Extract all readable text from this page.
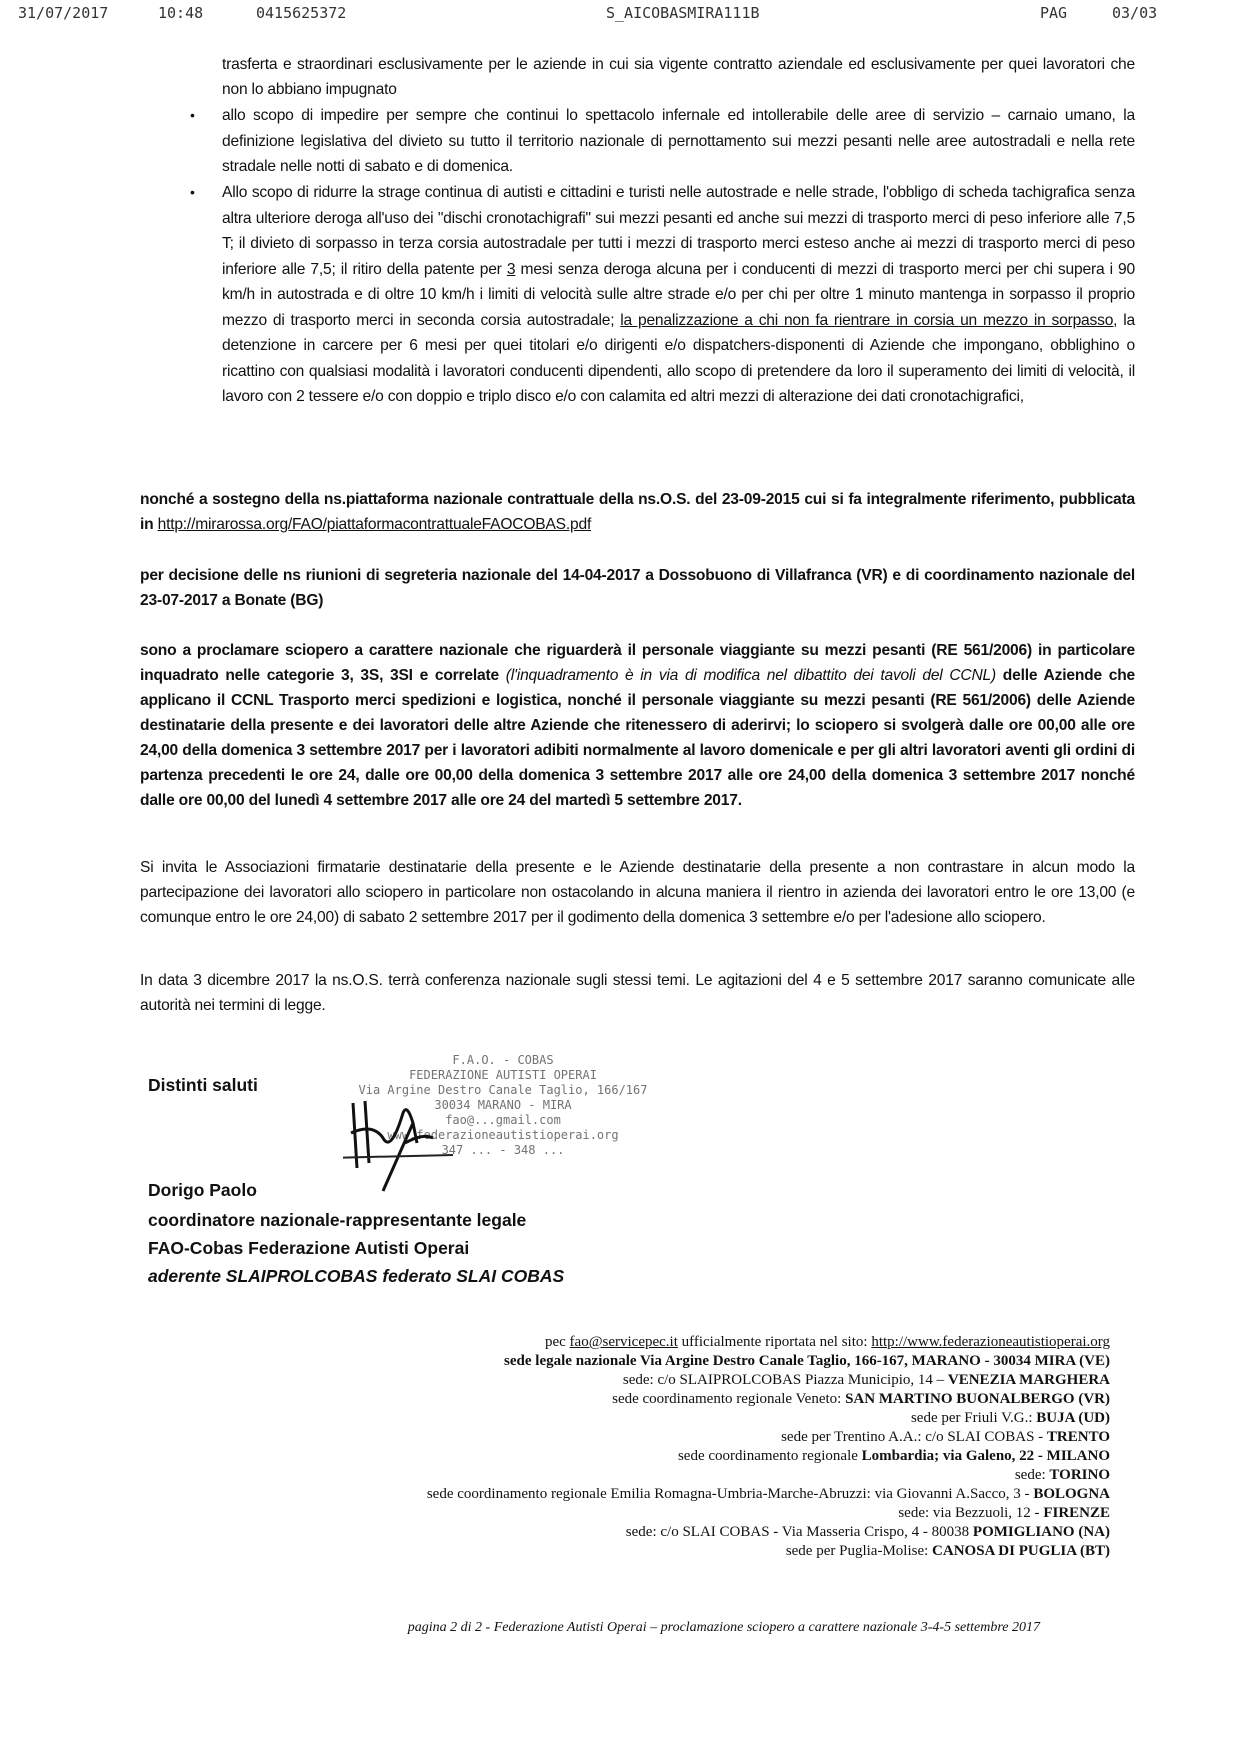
31/07/2017	10:48	0415625372	S_AICOBASMIRA111B	PAG	03/03
trasferta e straordinari esclusivamente per le aziende in cui sia vigente contratto aziendale ed esclusivamente per quei lavoratori che non lo abbiano impugnato
• allo scopo di impedire per sempre che continui lo spettacolo infernale ed intollerabile delle aree di servizio – carnaio umano, la definizione legislativa del divieto su tutto il territorio nazionale di pernottamento sui mezzi pesanti nelle aree autostradali e nella rete stradale nelle notti di sabato e di domenica.
• Allo scopo di ridurre la strage continua di autisti e cittadini e turisti nelle autostrade e nelle strade, l'obbligo di scheda tachigrafica senza altra ulteriore deroga all'uso dei "dischi cronotachigrafi" sui mezzi pesanti ed anche sui mezzi di trasporto merci di peso inferiore alle 7,5 T; il divieto di sorpasso in terza corsia autostradale per tutti i mezzi di trasporto merci esteso anche ai mezzi di trasporto merci di peso inferiore alle 7,5; il ritiro della patente per 3 mesi senza deroga alcuna per i conducenti di mezzi di trasporto merci per chi supera i 90 km/h in autostrada e di oltre 10 km/h i limiti di velocità sulle altre strade e/o per chi per oltre 1 minuto mantenga in sorpasso il proprio mezzo di trasporto merci in seconda corsia autostradale; la penalizzazione a chi non fa rientrare in corsia un mezzo in sorpasso, la detenzione in carcere per 6 mesi per quei titolari e/o dirigenti e/o dispatchers-disponenti di Aziende che impongano, obblighino o ricattino con qualsiasi modalità i lavoratori conducenti dipendenti, allo scopo di pretendere da loro il superamento dei limiti di velocità, il lavoro con 2 tessere e/o con doppio e triplo disco e/o con calamita ed altri mezzi di alterazione dei dati cronotachigrafici,
nonché a sostegno della ns.piattaforma nazionale contrattuale della ns.O.S. del 23-09-2015 cui si fa integralmente riferimento, pubblicata in http://mirarossa.org/FAO/piattaformacontrattualeFAOCOBAS.pdf
per decisione delle ns riunioni di segreteria nazionale del 14-04-2017 a Dossobuono di Villafranca (VR) e di coordinamento nazionale del 23-07-2017 a Bonate (BG)
sono a proclamare sciopero a carattere nazionale che riguarderà il personale viaggiante su mezzi pesanti (RE 561/2006) in particolare inquadrato nelle categorie 3, 3S, 3SI e correlate (l'inquadramento è in via di modifica nel dibattito dei tavoli del CCNL) delle Aziende che applicano il CCNL Trasporto merci spedizioni e logistica, nonché il personale viaggiante su mezzi pesanti (RE 561/2006) delle Aziende destinatarie della presente e dei lavoratori delle altre Aziende che ritenessero di aderirvi; lo sciopero si svolgerà dalle ore 00,00 alle ore 24,00 della domenica 3 settembre 2017 per i lavoratori adibiti normalmente al lavoro domenicale e per gli altri lavoratori aventi gli ordini di partenza precedenti le ore 24, dalle ore 00,00 della domenica 3 settembre 2017 alle ore 24,00 della domenica 3 settembre 2017 nonché dalle ore 00,00 del lunedì 4 settembre 2017 alle ore 24 del martedì 5 settembre 2017.
Si invita le Associazioni firmatarie destinatarie della presente e le Aziende destinatarie della presente a non contrastare in alcun modo la partecipazione dei lavoratori allo sciopero in particolare non ostacolando in alcuna maniera il rientro in azienda dei lavoratori entro le ore 13,00 (e comunque entro le ore 24,00) di sabato 2 settembre 2017 per il godimento della domenica 3 settembre e/o per l'adesione allo sciopero.
In data 3 dicembre 2017 la ns.O.S. terrà conferenza nazionale sugli stessi temi. Le agitazioni del 4 e 5 settembre 2017 saranno comunicate alle autorità nei termini di legge.
F.A.O. - COBAS
FEDERAZIONE AUTISTI OPERAI
Via Argine Destro Canale Taglio, 166/167
30034 MARANO - MIRA
fao@...gmail.com
www.federazioneautistioperai.org
347 ... - 348 ...
Distinti saluti
Dorigo Paolo
coordinatore nazionale-rappresentante legale
FAO-Cobas Federazione Autisti Operai
aderente SLAIPROLCOBAS federato SLAI COBAS
pec fao@servicepec.it ufficialmente riportata nel sito: http://www.federazioneautistioperai.org
sede legale nazionale Via Argine Destro Canale Taglio, 166-167, MARANO - 30034 MIRA (VE)
sede: c/o SLAIPROLCOBAS Piazza Municipio, 14 – VENEZIA MARGHERA
sede coordinamento regionale Veneto: SAN MARTINO BUONALBERGO (VR)
sede per Friuli V.G.: BUJA (UD)
sede per Trentino A.A.: c/o SLAI COBAS - TRENTO
sede coordinamento regionale Lombardia; via Galeno, 22 - MILANO
sede: TORINO
sede coordinamento regionale Emilia Romagna-Umbria-Marche-Abruzzi: via Giovanni A.Sacco, 3 - BOLOGNA
sede: via Bezzuoli, 12 - FIRENZE
sede: c/o SLAI COBAS - Via Masseria Crispo, 4 - 80038 POMIGLIANO (NA)
sede per Puglia-Molise: CANOSA DI PUGLIA (BT)
pagina 2 di 2 - Federazione Autisti Operai – proclamazione sciopero a carattere nazionale 3-4-5 settembre 2017
